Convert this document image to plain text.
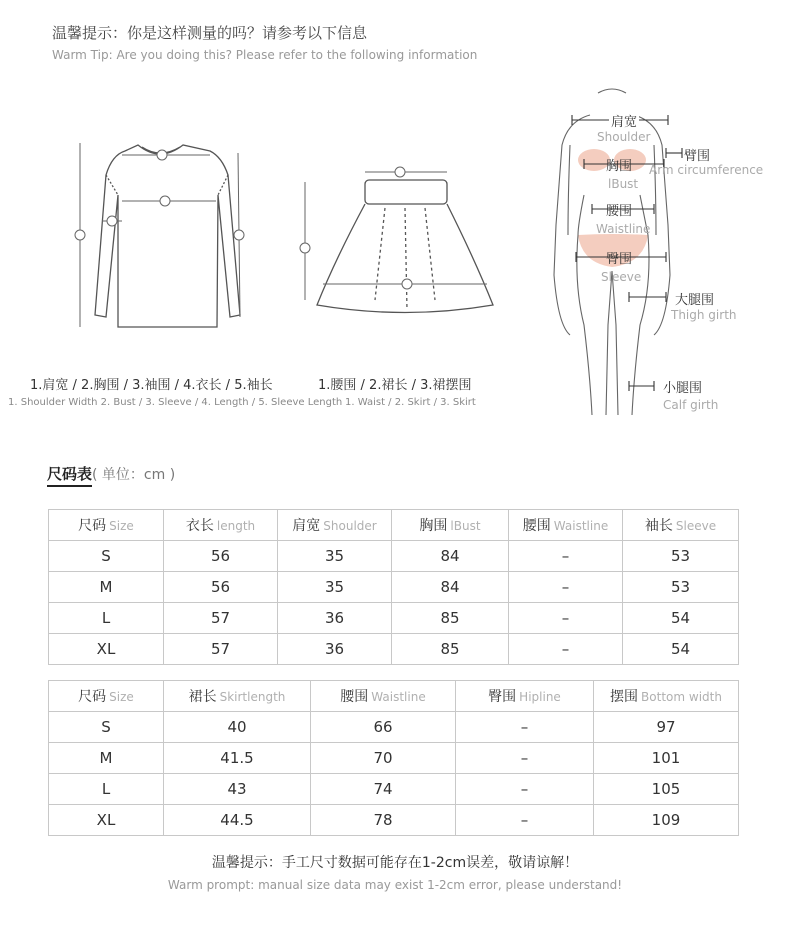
温馨提示：你是这样测量的吗？请参考以下信息
Warm Tip: Are you doing this? Please refer to the following information
1.肩宽 / 2.胸围 / 3.袖围 / 4.衣长 / 5.袖长
1. Shoulder Width 2. Bust / 3. Sleeve / 4. Length / 5. Sleeve Length
1.腰围 / 2.裙长 / 3.裙摆围
1. Waist / 2. Skirt / 3. Skirt
肩宽
Shoulder
胸围
lBust
臂围
Arm circumference
腰围
Waistline
臀围
Sleeve
大腿围
Thigh girth
小腿围
Calf girth
尺码表( 单位：cm )
尺码 Size	衣长 length	肩宽 Shoulder	胸围 lBust	腰围 Waistline	袖长 Sleeve
S	56	35	84	–	53
M	56	35	84	–	53
L	57	36	85	–	54
XL	57	36	85	–	54
尺码 Size	裙长 Skirtlength	腰围 Waistline	臀围 Hipline	摆围 Bottom width
S	40	66	–	97
M	41.5	70	–	101
L	43	74	–	105
XL	44.5	78	–	109
温馨提示：手工尺寸数据可能存在1-2cm误差，敬请谅解！
Warm prompt: manual size data may exist 1-2cm error, please understand!
